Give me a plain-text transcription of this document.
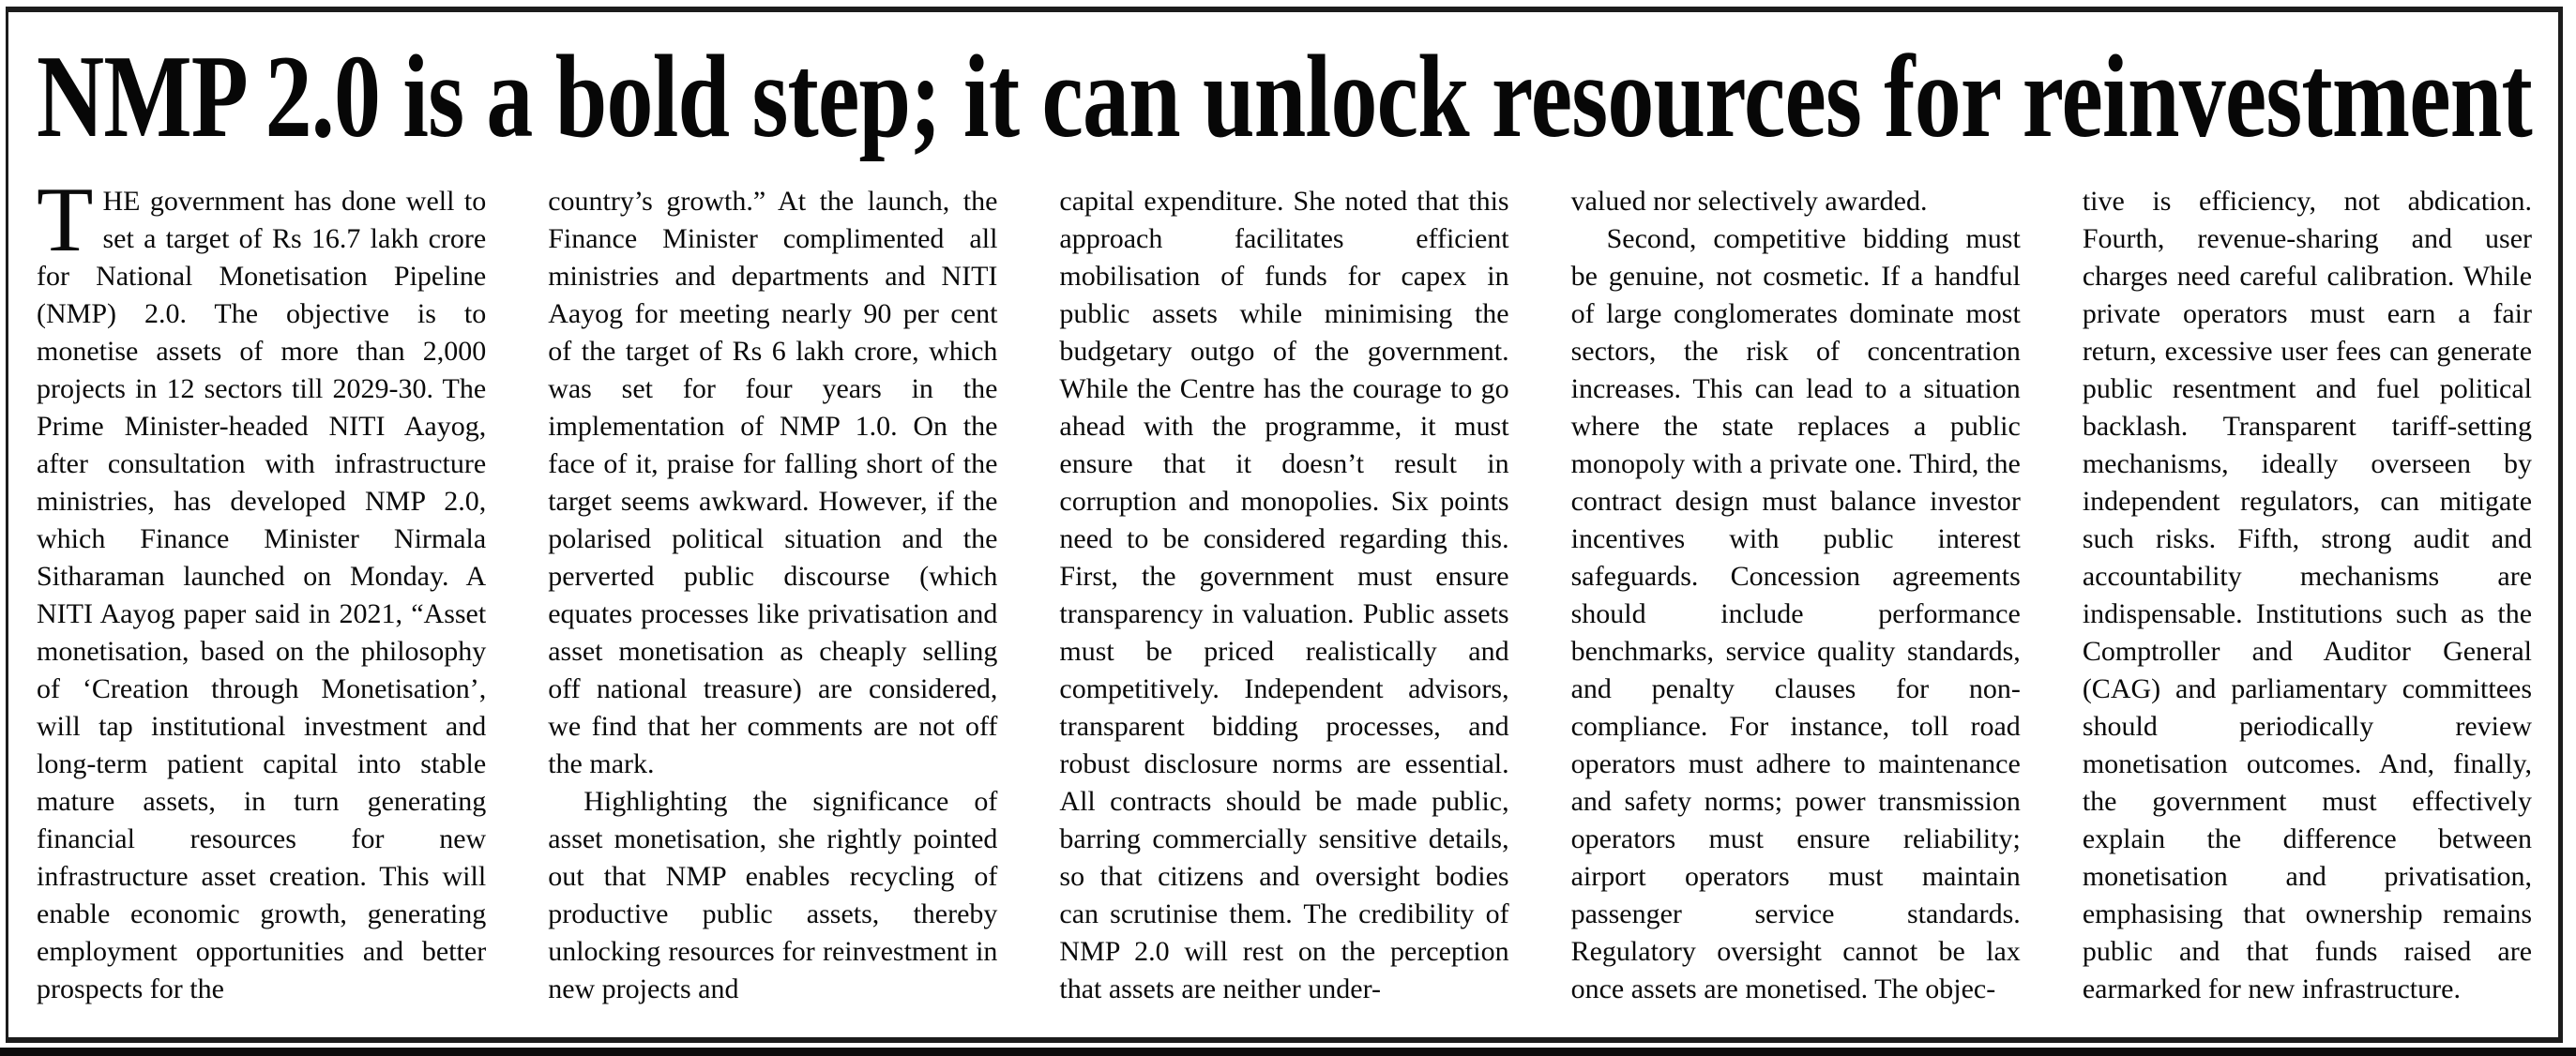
NMP 2.0 is a bold step; it can unlock resources for reinvestment

THE government has done well to set a target of Rs 16.7 lakh crore for National Monetisation Pipeline (NMP) 2.0. The objective is to monetise assets of more than 2,000 projects in 12 sectors till 2029-30. The Prime Minister-headed NITI Aayog, after consultation with infrastructure ministries, has developed NMP 2.0, which Finance Minister Nirmala Sitharaman launched on Monday. A NITI Aayog paper said in 2021, “Asset monetisation, based on the philosophy of ‘Creation through Monetisation’, will tap institutional investment and long-term patient capital into stable mature assets, in turn generating financial resources for new infrastructure asset creation. This will enable economic growth, generating employment opportunities and better prospects for the

country’s growth.” At the launch, the Finance Minister complimented all ministries and departments and NITI Aayog for meeting nearly 90 per cent of the target of Rs 6 lakh crore, which was set for four years in the implementation of NMP 1.0. On the face of it, praise for falling short of the target seems awkward. However, if the polarised political situation and the perverted public discourse (which equates processes like privatisation and asset monetisation as cheaply selling off national treasure) are considered, we find that her comments are not off the mark.

Highlighting the significance of asset monetisation, she rightly pointed out that NMP enables recycling of productive public assets, thereby unlocking resources for reinvestment in new projects and

capital expenditure. She noted that this approach facilitates efficient mobilisation of funds for capex in public assets while minimising the budgetary outgo of the government. While the Centre has the courage to go ahead with the programme, it must ensure that it doesn’t result in corruption and monopolies. Six points need to be considered regarding this. First, the government must ensure transparency in valuation. Public assets must be priced realistically and competitively. Independent advisors, transparent bidding processes, and robust disclosure norms are essential. All contracts should be made public, barring commercially sensitive details, so that citizens and oversight bodies can scrutinise them. The credibility of NMP 2.0 will rest on the perception that assets are neither under-

valued nor selectively awarded.

Second, competitive bidding must be genuine, not cosmetic. If a handful of large conglomerates dominate most sectors, the risk of concentration increases. This can lead to a situation where the state replaces a public monopoly with a private one. Third, the contract design must balance investor incentives with public interest safeguards. Concession agreements should include performance benchmarks, service quality standards, and penalty clauses for non-compliance. For instance, toll road operators must adhere to maintenance and safety norms; power transmission operators must ensure reliability; airport operators must maintain passenger service standards. Regulatory oversight cannot be lax once assets are monetised. The objec-

tive is efficiency, not abdication. Fourth, revenue-sharing and user charges need careful calibration. While private operators must earn a fair return, excessive user fees can generate public resentment and fuel political backlash. Transparent tariff-setting mechanisms, ideally overseen by independent regulators, can mitigate such risks. Fifth, strong audit and accountability mechanisms are indispensable. Institutions such as the Comptroller and Auditor General (CAG) and parliamentary committees should periodically review monetisation outcomes. And, finally, the government must effectively explain the difference between monetisation and privatisation, emphasising that ownership remains public and that funds raised are earmarked for new infrastructure.
